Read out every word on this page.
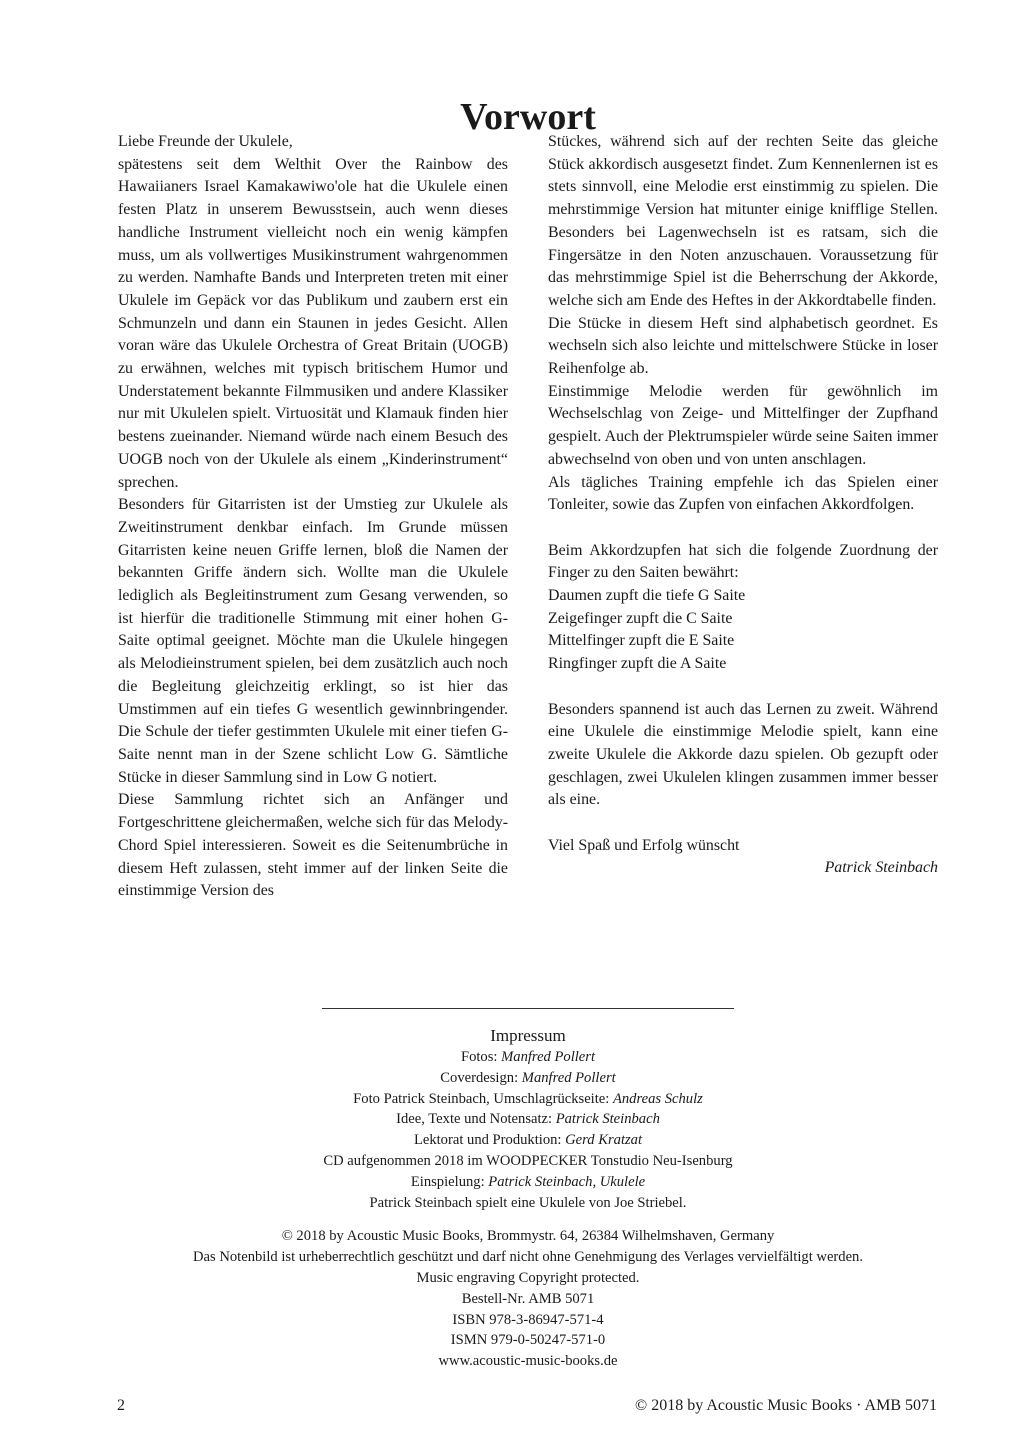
Vorwort

Liebe Freunde der Ukulele,

spätestens seit dem Welthit Over the Rainbow des Hawaiianers Israel Kamakawiwo'ole hat die Ukulele einen festen Platz in unserem Bewusstsein, auch wenn dieses handliche Instrument vielleicht noch ein wenig kämpfen muss, um als vollwertiges Musikinstrument wahrgenommen zu werden. Namhafte Bands und Interpreten treten mit einer Ukulele im Gepäck vor das Publikum und zaubern erst ein Schmunzeln und dann ein Staunen in jedes Gesicht. Allen voran wäre das Ukulele Orchestra of Great Britain (UOGB) zu erwähnen, welches mit typisch britischem Humor und Understatement bekannte Filmmusiken und andere Klassiker nur mit Ukulelen spielt. Virtuosität und Klamauk finden hier bestens zueinander. Niemand würde nach einem Besuch des UOGB noch von der Ukulele als einem „Kinderinstrument“ sprechen.

Besonders für Gitarristen ist der Umstieg zur Ukulele als Zweitinstrument denkbar einfach. Im Grunde müssen Gitarristen keine neuen Griffe lernen, bloß die Namen der bekannten Griffe ändern sich. Wollte man die Ukulele lediglich als Begleitinstrument zum Gesang verwenden, so ist hierfür die traditionelle Stimmung mit einer hohen G-Saite optimal geeignet. Möchte man die Ukulele hingegen als Melodieinstrument spielen, bei dem zusätzlich auch noch die Begleitung gleichzeitig erklingt, so ist hier das Umstimmen auf ein tiefes G wesentlich gewinnbringender. Die Schule der tiefer gestimmten Ukulele mit einer tiefen G-Saite nennt man in der Szene schlicht Low G. Sämtliche Stücke in dieser Sammlung sind in Low G notiert.

Diese Sammlung richtet sich an Anfänger und Fortgeschrittene gleichermaßen, welche sich für das Melody-Chord Spiel interessieren. Soweit es die Seitenumbrüche in diesem Heft zulassen, steht immer auf der linken Seite die einstimmige Version des

Stückes, während sich auf der rechten Seite das gleiche Stück akkordisch ausgesetzt findet. Zum Kennenlernen ist es stets sinnvoll, eine Melodie erst einstimmig zu spielen. Die mehrstimmige Version hat mitunter einige knifflige Stellen. Besonders bei Lagenwechseln ist es ratsam, sich die Fingersätze in den Noten anzuschauen. Voraussetzung für das mehrstimmige Spiel ist die Beherrschung der Akkorde, welche sich am Ende des Heftes in der Akkordtabelle finden.

Die Stücke in diesem Heft sind alphabetisch geordnet. Es wechseln sich also leichte und mittelschwere Stücke in loser Reihenfolge ab.

Einstimmige Melodie werden für gewöhnlich im Wechselschlag von Zeige- und Mittelfinger der Zupfhand gespielt. Auch der Plektrumspieler würde seine Saiten immer abwechselnd von oben und von unten anschlagen.

Als tägliches Training empfehle ich das Spielen einer Tonleiter, sowie das Zupfen von einfachen Akkordfolgen.

Beim Akkordzupfen hat sich die folgende Zuordnung der Finger zu den Saiten bewährt:

Daumen zupft die tiefe G Saite

Zeigefinger zupft die C Saite

Mittelfinger zupft die E Saite

Ringfinger zupft die A Saite

Besonders spannend ist auch das Lernen zu zweit. Während eine Ukulele die einstimmige Melodie spielt, kann eine zweite Ukulele die Akkorde dazu spielen. Ob gezupft oder geschlagen, zwei Ukulelen klingen zusammen immer besser als eine.

Viel Spaß und Erfolg wünscht

Patrick Steinbach

Impressum
Fotos: Manfred Pollert
Coverdesign: Manfred Pollert
Foto Patrick Steinbach, Umschlagrückseite: Andreas Schulz
Idee, Texte und Notensatz: Patrick Steinbach
Lektorat und Produktion: Gerd Kratzat
CD aufgenommen 2018 im WOODPECKER Tonstudio Neu-Isenburg
Einspielung: Patrick Steinbach, Ukulele
Patrick Steinbach spielt eine Ukulele von Joe Striebel.
© 2018 by Acoustic Music Books, Brommystr. 64, 26384 Wilhelmshaven, Germany
Das Notenbild ist urheberrechtlich geschützt und darf nicht ohne Genehmigung des Verlages vervielfältigt werden.
Music engraving Copyright protected.
Bestell-Nr. AMB 5071
ISBN 978-3-86947-571-4
ISMN 979-0-50247-571-0
www.acoustic-music-books.de
2	© 2018 by Acoustic Music Books · AMB 5071
